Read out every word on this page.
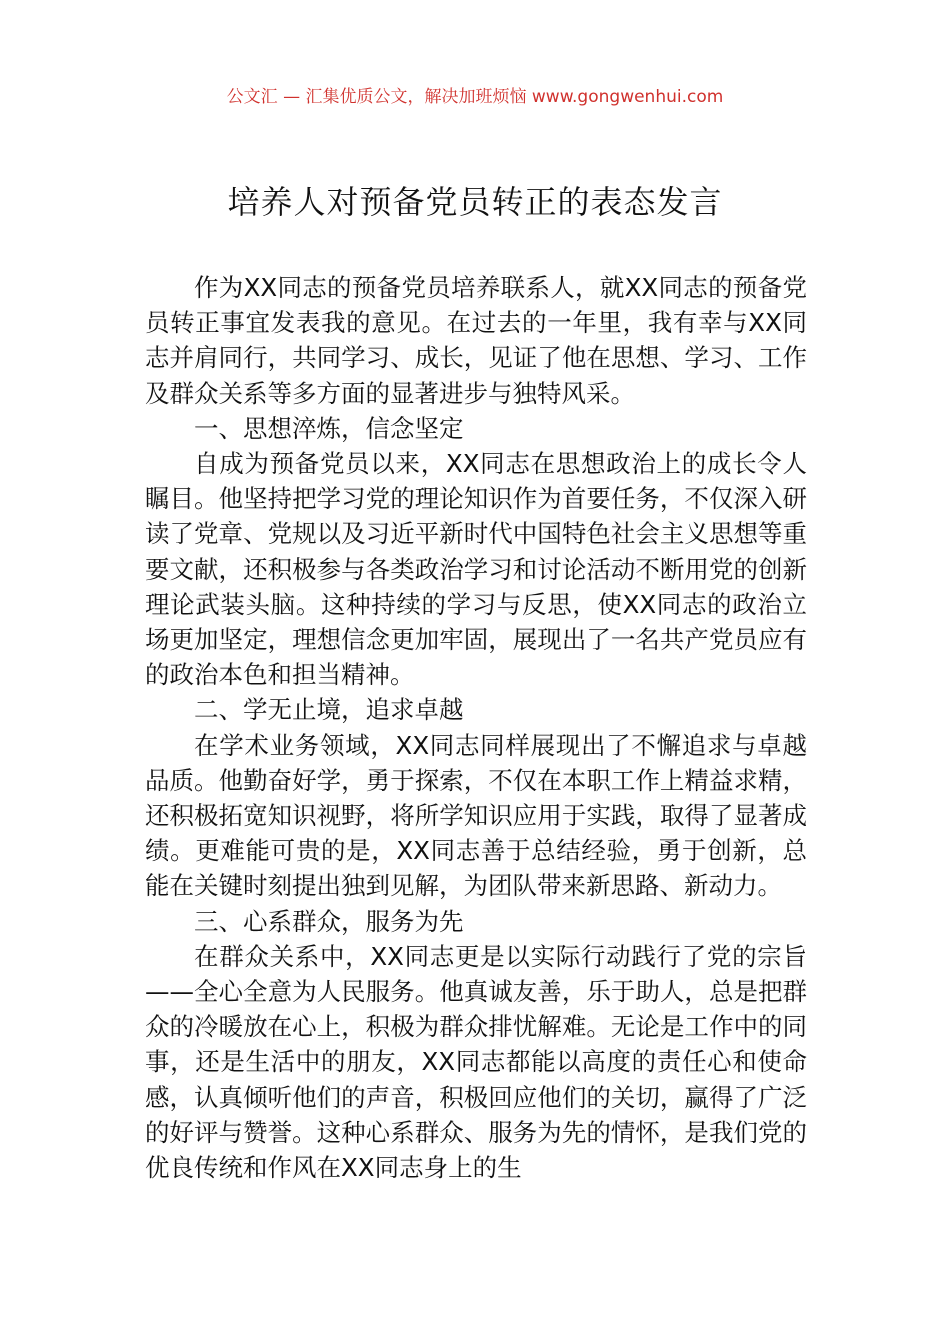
公文汇 — 汇集优质公文，解决加班烦恼 www.gongwenhui.com
培养人对预备党员转正的表态发言

作为XX同志的预备党员培养联系人，就XX同志的预备党员转正事宜发表我的意见。在过去的一年里，我有幸与XX同志并肩同行，共同学习、成长，见证了他在思想、学习、工作及群众关系等多方面的显著进步与独特风采。

一、思想淬炼，信念坚定

自成为预备党员以来，XX同志在思想政治上的成长令人瞩目。他坚持把学习党的理论知识作为首要任务，不仅深入研读了党章、党规以及习近平新时代中国特色社会主义思想等重要文献，还积极参与各类政治学习和讨论活动不断用党的创新理论武装头脑。这种持续的学习与反思，使XX同志的政治立场更加坚定，理想信念更加牢固，展现出了一名共产党员应有的政治本色和担当精神。

二、学无止境，追求卓越

在学术业务领域，XX同志同样展现出了不懈追求与卓越品质。他勤奋好学，勇于探索，不仅在本职工作上精益求精，还积极拓宽知识视野，将所学知识应用于实践，取得了显著成绩。更难能可贵的是，XX同志善于总结经验，勇于创新，总能在关键时刻提出独到见解，为团队带来新思路、新动力。

三、心系群众，服务为先

在群众关系中，XX同志更是以实际行动践行了党的宗旨——全心全意为人民服务。他真诚友善，乐于助人，总是把群众的冷暖放在心上，积极为群众排忧解难。无论是工作中的同事，还是生活中的朋友，XX同志都能以高度的责任心和使命感，认真倾听他们的声音，积极回应他们的关切，赢得了广泛的好评与赞誉。这种心系群众、服务为先的情怀，是我们党的优良传统和作风在XX同志身上的生
